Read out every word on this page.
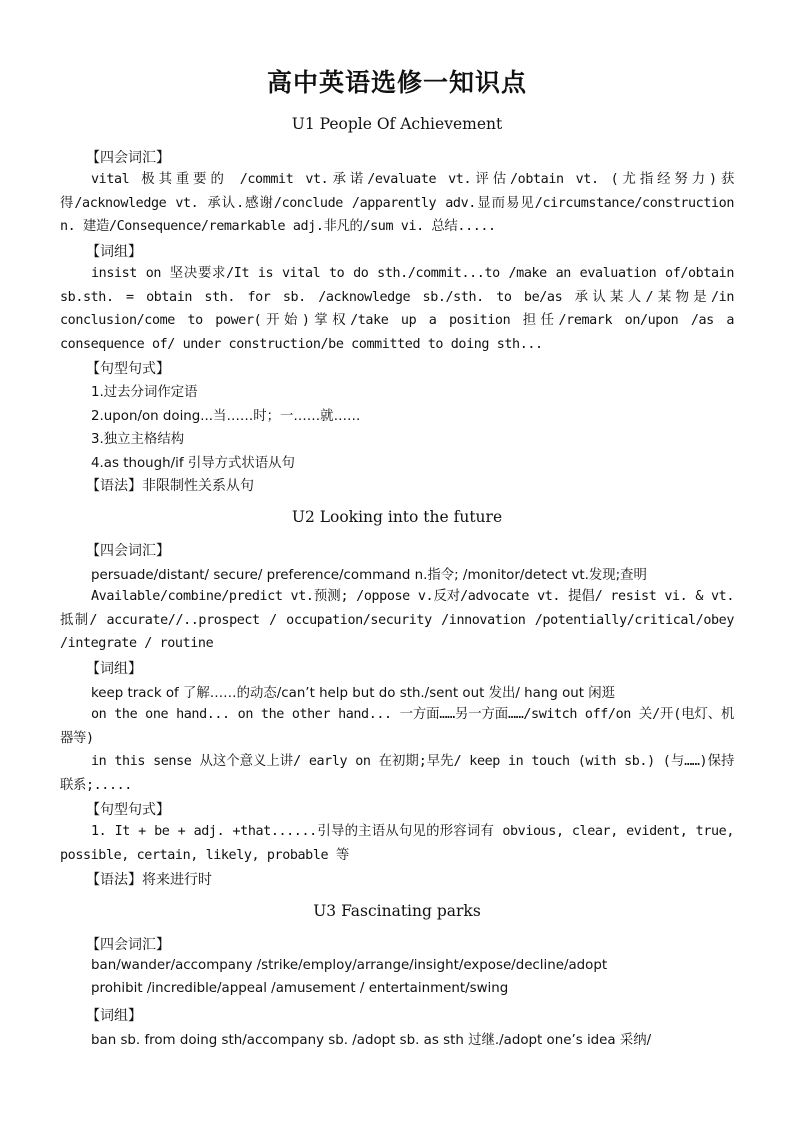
高中英语选修一知识点
U1 People Of Achievement
【四会词汇】
vital 极其重要的 /commit vt.承诺/evaluate vt.评估/obtain vt. (尤指经努力)获得/acknowledge vt. 承认.感谢/conclude /apparently adv.显而易见/circumstance/construction n. 建造/Consequence/remarkable adj.非凡的/sum vi. 总结.....
【词组】
insist on 坚决要求/It is vital to do sth./commit...to /make an evaluation of/obtain sb.sth. = obtain sth. for sb. /acknowledge sb./sth. to be/as 承认某人/某物是/in conclusion/come to power(开始)掌权/take up a position 担任/remark on/upon /as a consequence of/ under construction/be committed to doing sth...
【句型句式】
1.过去分词作定语
2.upon/on doing...当……时；一……就……
3.独立主格结构
4.as though/if 引导方式状语从句
【语法】非限制性关系从句
U2 Looking into the future
【四会词汇】
persuade/distant/ secure/ preference/command n.指令; /monitor/detect vt.发现;查明
Available/combine/predict vt.预测; /oppose v.反对/advocate vt. 提倡/ resist vi. & vt. 抵制/ accurate//..prospect / occupation/security /innovation /potentially/critical/obey /integrate / routine
【词组】
keep track of 了解……的动态/can’t help but do sth./sent out 发出/ hang out 闲逛
on the one hand... on the other hand... 一方面……另一方面……/switch off/on 关/开(电灯、机器等)
in this sense 从这个意义上讲/ early on 在初期;早先/ keep in touch (with sb.) (与……)保持联系;.....
【句型句式】
1. It + be + adj. +that......引导的主语从句见的形容词有 obvious, clear, evident, true, possible, certain, likely, probable 等
【语法】将来进行时
U3 Fascinating parks
【四会词汇】
ban/wander/accompany /strike/employ/arrange/insight/expose/decline/adopt
prohibit /incredible/appeal /amusement / entertainment/swing
【词组】
ban sb. from doing sth/accompany sb. /adopt sb. as sth 过继./adopt one’s idea 采纳/
